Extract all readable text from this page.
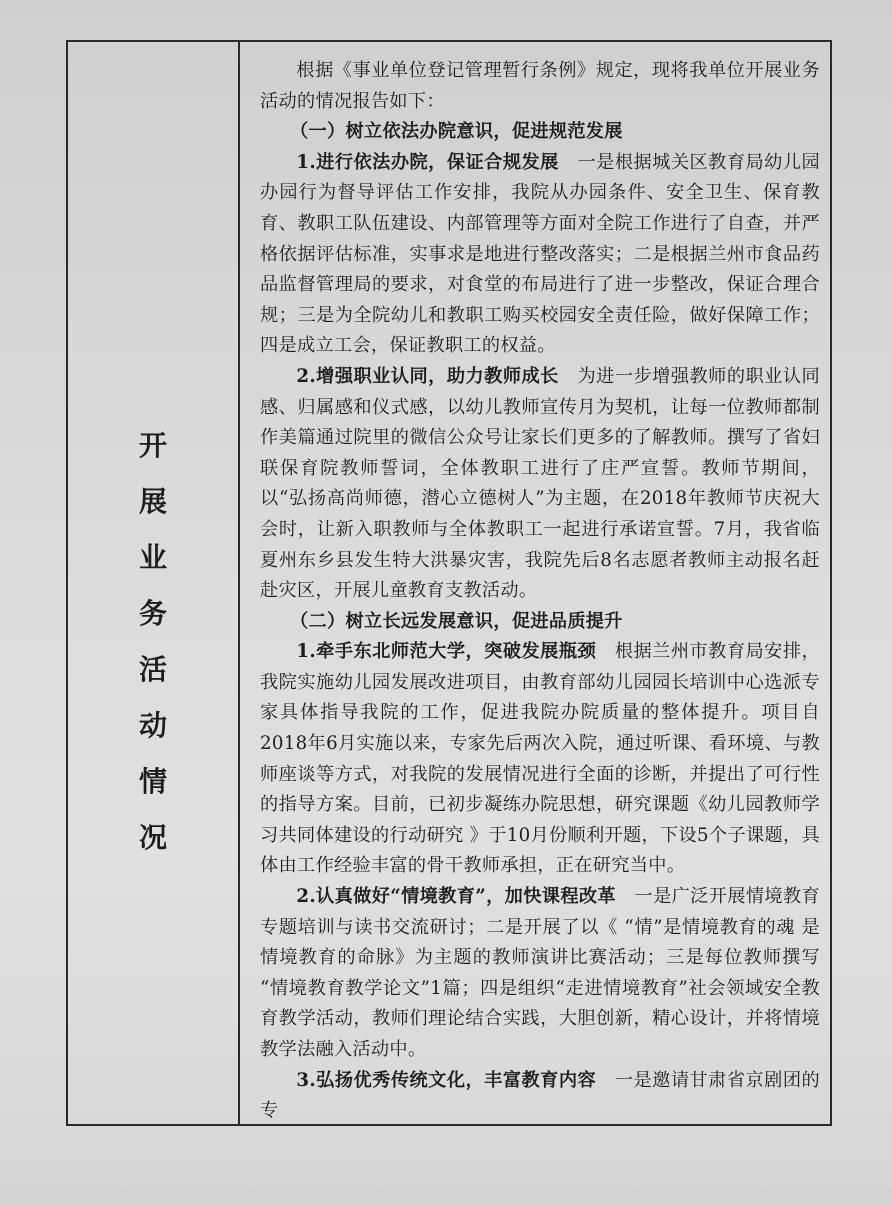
开
展
业
务
活
动
情
况

根据《事业单位登记管理暂行条例》规定，现将我单位开展业务活动的情况报告如下：

（一）树立依法办院意识，促进规范发展

1.进行依法办院，保证合规发展　一是根据城关区教育局幼儿园办园行为督导评估工作安排，我院从办园条件、安全卫生、保育教育、教职工队伍建设、内部管理等方面对全院工作进行了自查，并严格依据评估标准，实事求是地进行整改落实；二是根据兰州市食品药品监督管理局的要求，对食堂的布局进行了进一步整改，保证合理合规；三是为全院幼儿和教职工购买校园安全责任险，做好保障工作；四是成立工会，保证教职工的权益。

2.增强职业认同，助力教师成长　为进一步增强教师的职业认同感、归属感和仪式感，以幼儿教师宣传月为契机，让每一位教师都制作美篇通过院里的微信公众号让家长们更多的了解教师。撰写了省妇联保育院教师誓词，全体教职工进行了庄严宣誓。教师节期间，以“弘扬高尚师德，潜心立德树人”为主题，在2018年教师节庆祝大会时，让新入职教师与全体教职工一起进行承诺宣誓。7月，我省临夏州东乡县发生特大洪暴灾害，我院先后8名志愿者教师主动报名赶赴灾区，开展儿童教育支教活动。

（二）树立长远发展意识，促进品质提升

1.牵手东北师范大学，突破发展瓶颈　根据兰州市教育局安排，我院实施幼儿园发展改进项目，由教育部幼儿园园长培训中心选派专家具体指导我院的工作，促进我院办院质量的整体提升。项目自2018年6月实施以来，专家先后两次入院，通过听课、看环境、与教师座谈等方式，对我院的发展情况进行全面的诊断，并提出了可行性的指导方案。目前，已初步凝练办院思想，研究课题《幼儿园教师学习共同体建设的行动研究 》于10月份顺利开题，下设5个子课题，具体由工作经验丰富的骨干教师承担，正在研究当中。

2.认真做好“情境教育”，加快课程改革　一是广泛开展情境教育专题培训与读书交流研讨；二是开展了以《 “情”是情境教育的魂 是情境教育的命脉》为主题的教师演讲比赛活动；三是每位教师撰写 “情境教育教学论文”1篇；四是组织“走进情境教育”社会领域安全教育教学活动，教师们理论结合实践，大胆创新，精心设计，并将情境教学法融入活动中。

3.弘扬优秀传统文化，丰富教育内容　一是邀请甘肃省京剧团的专
